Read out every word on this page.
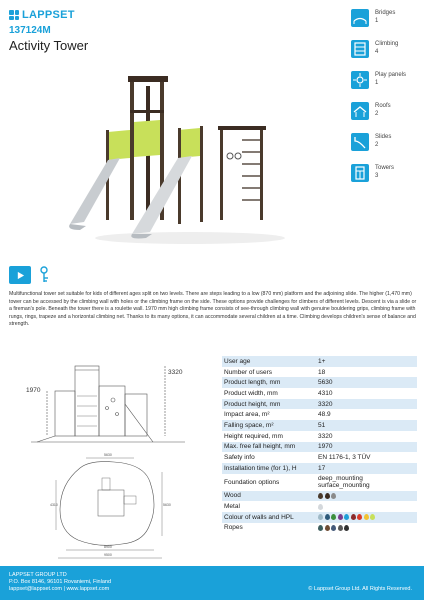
LAPPSET
137124M
Activity Tower
Bridges
1
Climbing
4
Play panels
1
Roofs
2
Slides
2
Towers
3

Multifunctional tower set suitable for kids of different ages split on two levels. There are steps leading to a low (870 mm) platform and the adjoining slide. The higher (1,470 mm) tower can be accessed by the climbing wall with holes or the climbing frame on the side. These options provide challenges for climbers of different levels. Descent is via a slide or a fireman's pole. Beneath the tower there is a roulette wall. 1970 mm high climbing frame consists of see-through climbing wall with genuine bouldering grips, climbing frame with rungs, rings, trapeze and a horizontal climbing net. Thanks to its many options, it can accommodate several children at a time. Climbing develops children's sense of balance and strength.

3320
1970
5630
4310	5630
8900
9500
User age	1+
Number of users	18
Product length, mm	5630
Product width, mm	4310
Product height, mm	3320
Impact area, m²	48.9
Falling space, m²	51
Height required, mm	3320
Max. free fall height, mm	1970
Safety info	EN 1176-1, 3 TÜV
Installation time (for 1), H	17
Foundation options	deep_mounting
surface_mounting

Wood	

Metal	

Colour of walls and HPL	

Ropes	
LAPPSET GROUP LTD
P.O. Box 8146, 96101 Rovaniemi, Finland
lappset@lappset.com | www.lappset.com	© Lappset Group Ltd. All Rights Reserved.
